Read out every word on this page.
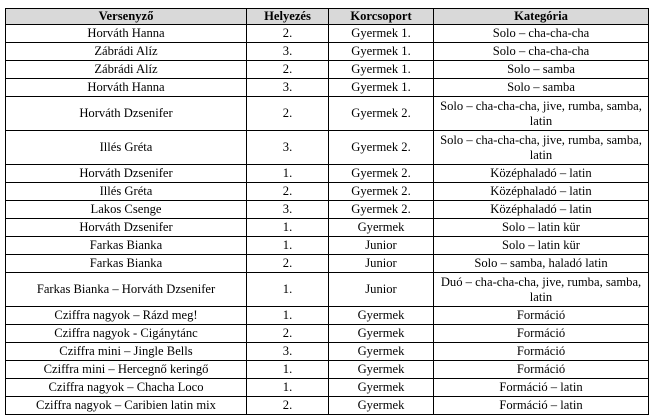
Versenyző	Helyezés	Korcsoport	Kategória
Horváth Hanna	2.	Gyermek 1.	Solo – cha-cha-cha
Zábrádi Alíz	3.	Gyermek 1.	Solo – cha-cha-cha
Zábrádi Alíz	2.	Gyermek 1.	Solo – samba
Horváth Hanna	3.	Gyermek 1.	Solo – samba
Horváth Dzsenifer	2.	Gyermek 2.	Solo – cha-cha-cha, jive, rumba, samba, latin
Illés Gréta	3.	Gyermek 2.	Solo – cha-cha-cha, jive, rumba, samba, latin
Horváth Dzsenifer	1.	Gyermek 2.	Középhaladó – latin
Illés Gréta	2.	Gyermek 2.	Középhaladó – latin
Lakos Csenge	3.	Gyermek 2.	Középhaladó – latin
Horváth Dzsenifer	1.	Gyermek	Solo – latin kür
Farkas Bianka	1.	Junior	Solo – latin kür
Farkas Bianka	2.	Junior	Solo – samba, haladó latin
Farkas Bianka – Horváth Dzsenifer	1.	Junior	Duó – cha-cha-cha, jive, rumba, samba, latin
Cziffra nagyok – Rázd meg!	1.	Gyermek	Formáció
Cziffra nagyok - Cigánytánc	2.	Gyermek	Formáció
Cziffra mini – Jingle Bells	3.	Gyermek	Formáció
Cziffra mini – Hercegnő keringő	1.	Gyermek	Formáció
Cziffra nagyok – Chacha Loco	1.	Gyermek	Formáció – latin
Cziffra nagyok – Caribien latin mix	2.	Gyermek	Formáció – latin
